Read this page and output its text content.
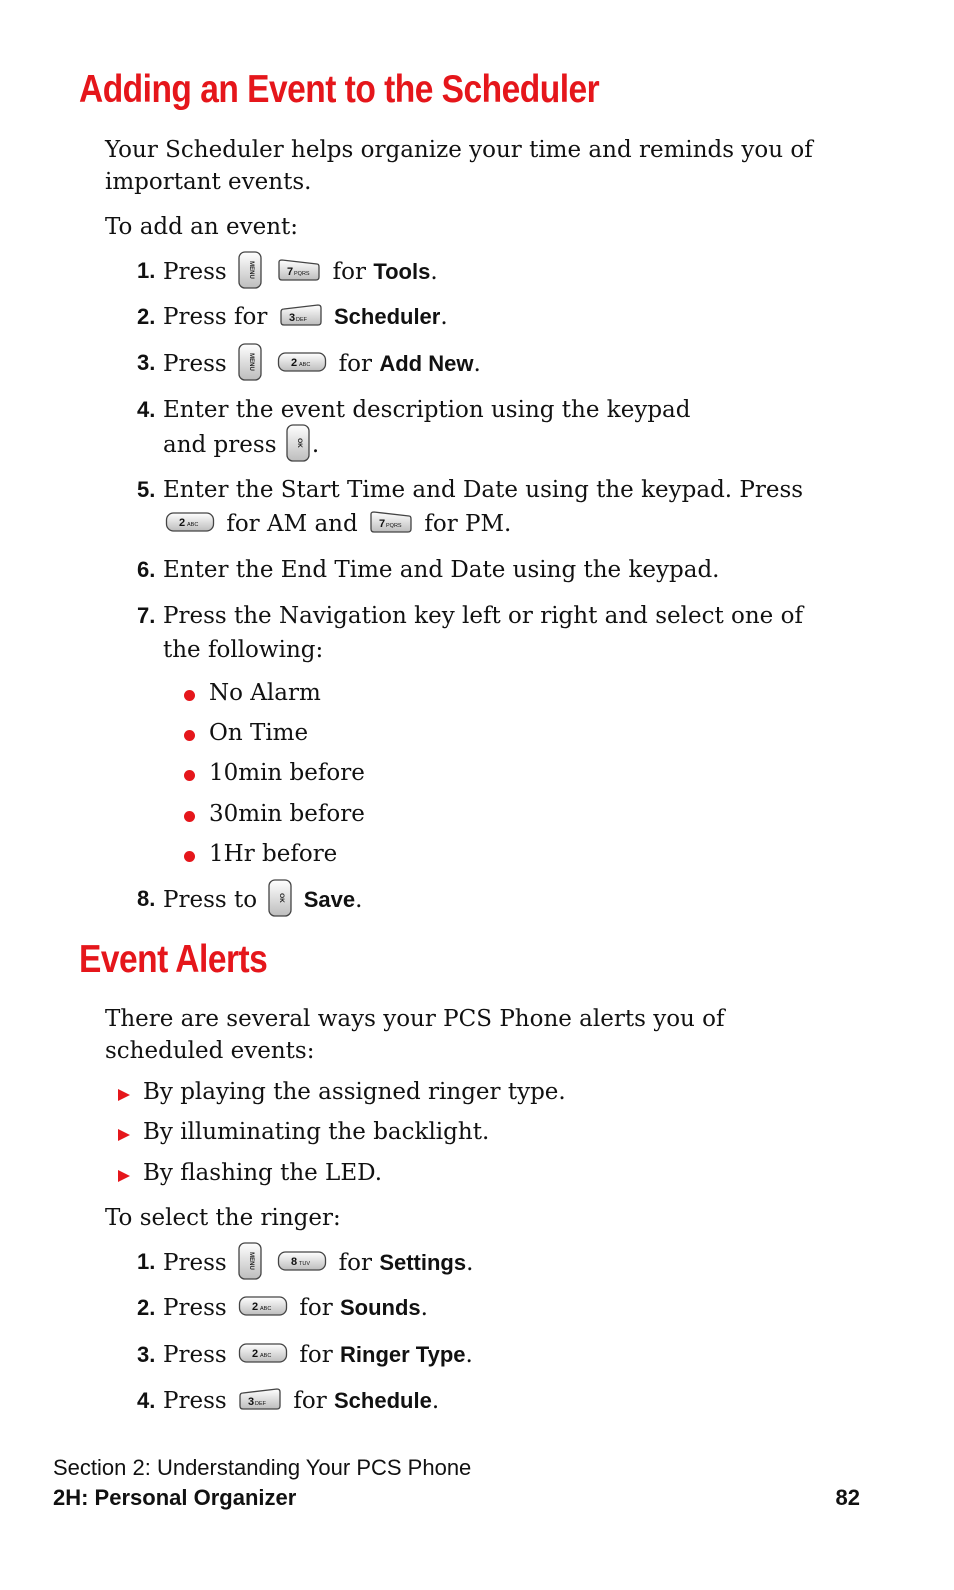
Adding an Event to the Scheduler

Your Scheduler helps organize your time and reminds you of important events.

To add an event:

1. Press	MENU
	7 PQRS for Tools.
2. Press for 3 DEF Scheduler.
3. Press	MENU
	2 ABC for Add New.
4. Enter the event description using the keypad and press	OK .
5. Enter the Start Time and Date using the keypad. Press

2 ABC for AM and 7 PQRS for PM.
6. Enter the End Time and Date using the keypad.
7. Press the Navigation key left or right and select one of the following:
No Alarm
On Time
10min before
30min before
1Hr before
8. Press to	OK Save.
Event Alerts

There are several ways your PCS Phone alerts you of scheduled events:

By playing the assigned ringer type.
By illuminating the backlight.
By flashing the LED.

To select the ringer:

1. Press	MENU
	8 TUV for Settings.
2. Press 2 ABC for Sounds.
3. Press 2 ABC for Ringer Type.
4. Press 3 DEF for Schedule.

Section 2: Understanding Your PCS Phone

2H: Personal Organizer	82
